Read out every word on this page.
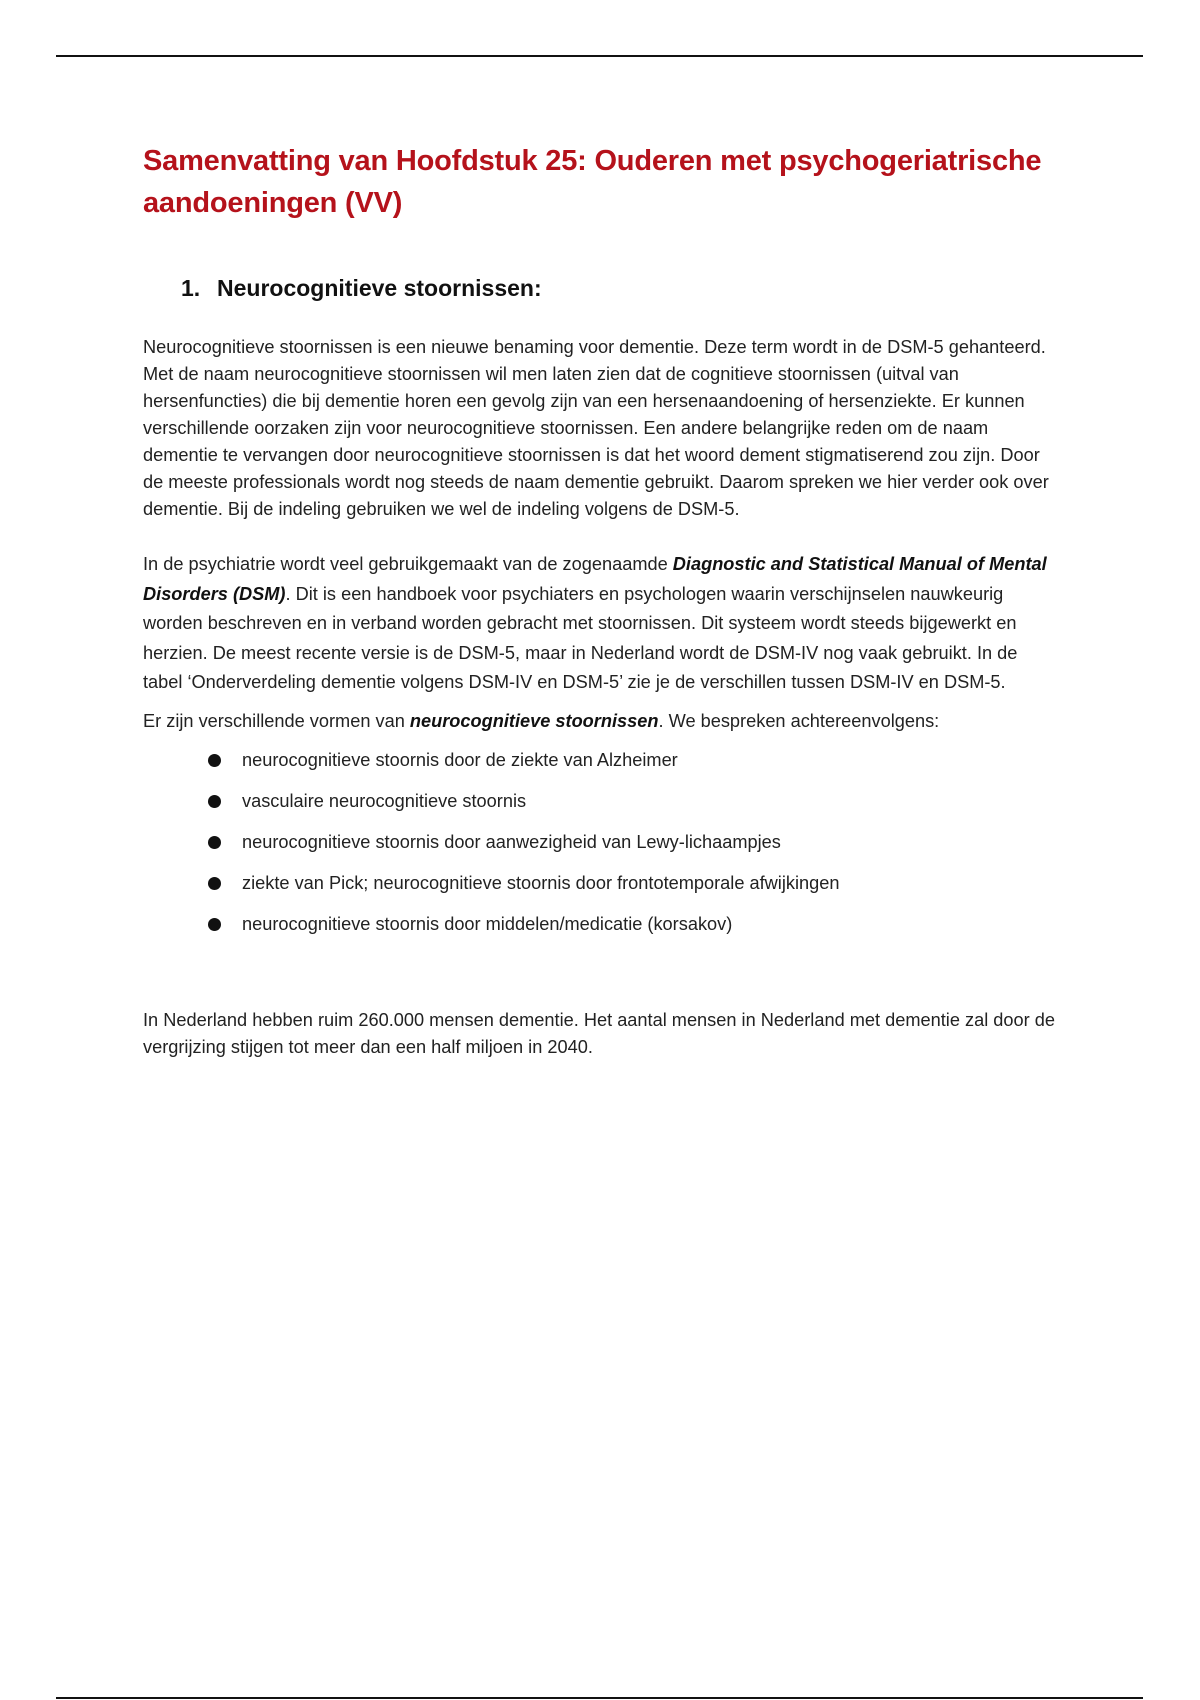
Samenvatting van Hoofdstuk 25: Ouderen met psychogeriatrische aandoeningen (VV)
1. Neurocognitieve stoornissen:

Neurocognitieve stoornissen is een nieuwe benaming voor dementie. Deze term wordt in de DSM-5 gehanteerd. Met de naam neurocognitieve stoornissen wil men laten zien dat de cognitieve stoornissen (uitval van hersenfuncties) die bij dementie horen een gevolg zijn van een hersenaandoening of hersenziekte. Er kunnen verschillende oorzaken zijn voor neurocognitieve stoornissen. Een andere belangrijke reden om de naam dementie te vervangen door neurocognitieve stoornissen is dat het woord dement stigmatiserend zou zijn. Door de meeste professionals wordt nog steeds de naam dementie gebruikt. Daarom spreken we hier verder ook over dementie. Bij de indeling gebruiken we wel de indeling volgens de DSM-5.

In de psychiatrie wordt veel gebruikgemaakt van de zogenaamde Diagnostic and Statistical Manual of Mental Disorders (DSM). Dit is een handboek voor psychiaters en psychologen waarin verschijnselen nauwkeurig worden beschreven en in verband worden gebracht met stoornissen. Dit systeem wordt steeds bijgewerkt en herzien. De meest recente versie is de DSM-5, maar in Nederland wordt de DSM-IV nog vaak gebruikt. In de tabel ‘Onderverdeling dementie volgens DSM-IV en DSM-5’ zie je de verschillen tussen DSM-IV en DSM-5.

Er zijn verschillende vormen van neurocognitieve stoornissen. We bespreken achtereenvolgens:

neurocognitieve stoornis door de ziekte van Alzheimer
vasculaire neurocognitieve stoornis
neurocognitieve stoornis door aanwezigheid van Lewy-lichaampjes
ziekte van Pick; neurocognitieve stoornis door frontotemporale afwijkingen
neurocognitieve stoornis door middelen/medicatie (korsakov)

In Nederland hebben ruim 260.000 mensen dementie. Het aantal mensen in Nederland met dementie zal door de vergrijzing stijgen tot meer dan een half miljoen in 2040.
